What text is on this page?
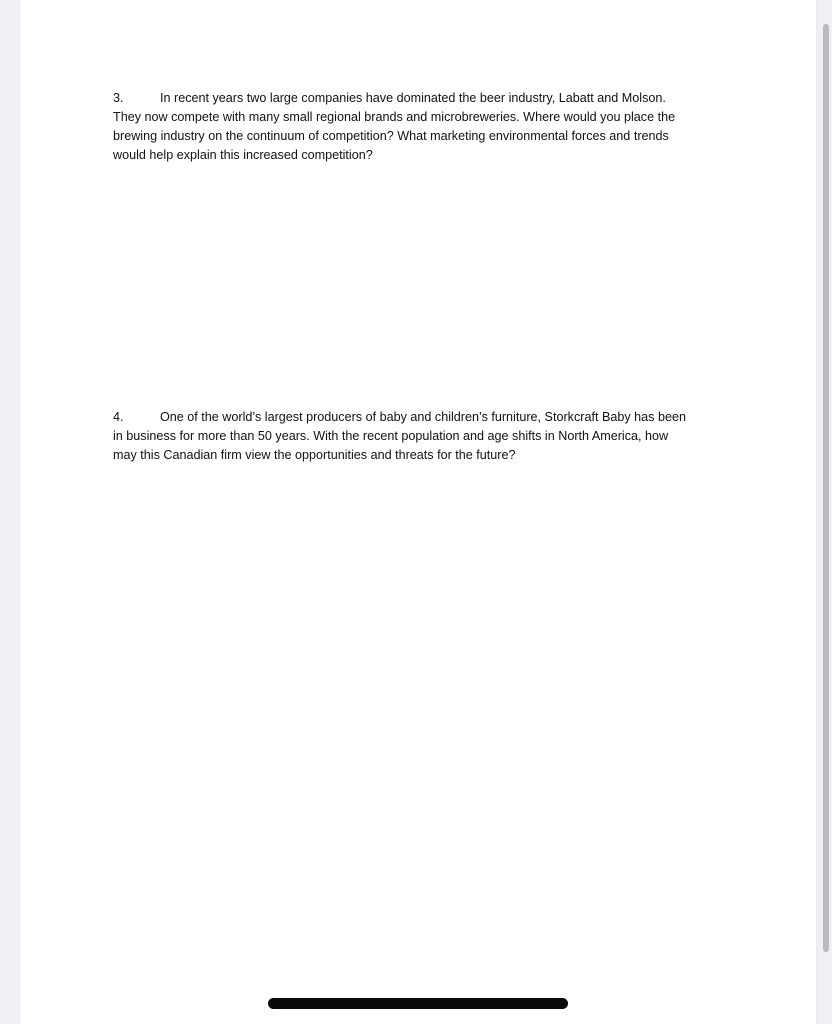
3.	In recent years two large companies have dominated the beer industry, Labatt and Molson.
They now compete with many small regional brands and microbreweries. Where would you place the
brewing industry on the continuum of competition? What marketing environmental forces and trends
would help explain this increased competition?
4.	One of the world’s largest producers of baby and children’s furniture, Storkcraft Baby has been
in business for more than 50 years. With the recent population and age shifts in North America, how
may this Canadian firm view the opportunities and threats for the future?
